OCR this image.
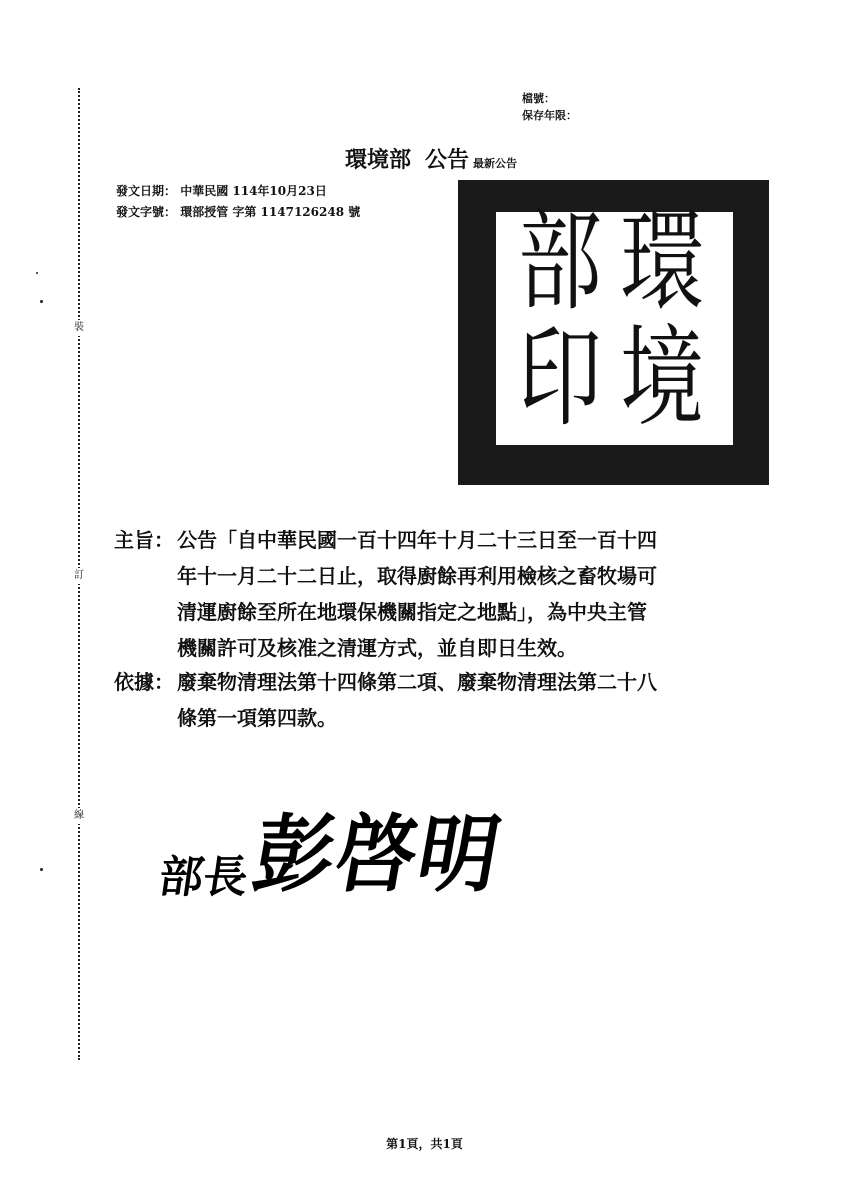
裝
訂
線
檔號：
保存年限：
環境部 公告 最新公告
發文日期： 中華民國 114年10月23日
發文字號： 環部授管 字第 1147126248 號	環
境
部
印
主旨： 公告「自中華民國一百十四年十月二十三日至一百十四
年十一月二十二日止，取得廚餘再利用檢核之畜牧場可
清運廚餘至所在地環保機關指定之地點」，為中央主管
機關許可及核准之清運方式，並自即日生效。
依據： 廢棄物清理法第十四條第二項、廢棄物清理法第二十八
條第一項第四款。
部長彭啓明
第1頁，共1頁
